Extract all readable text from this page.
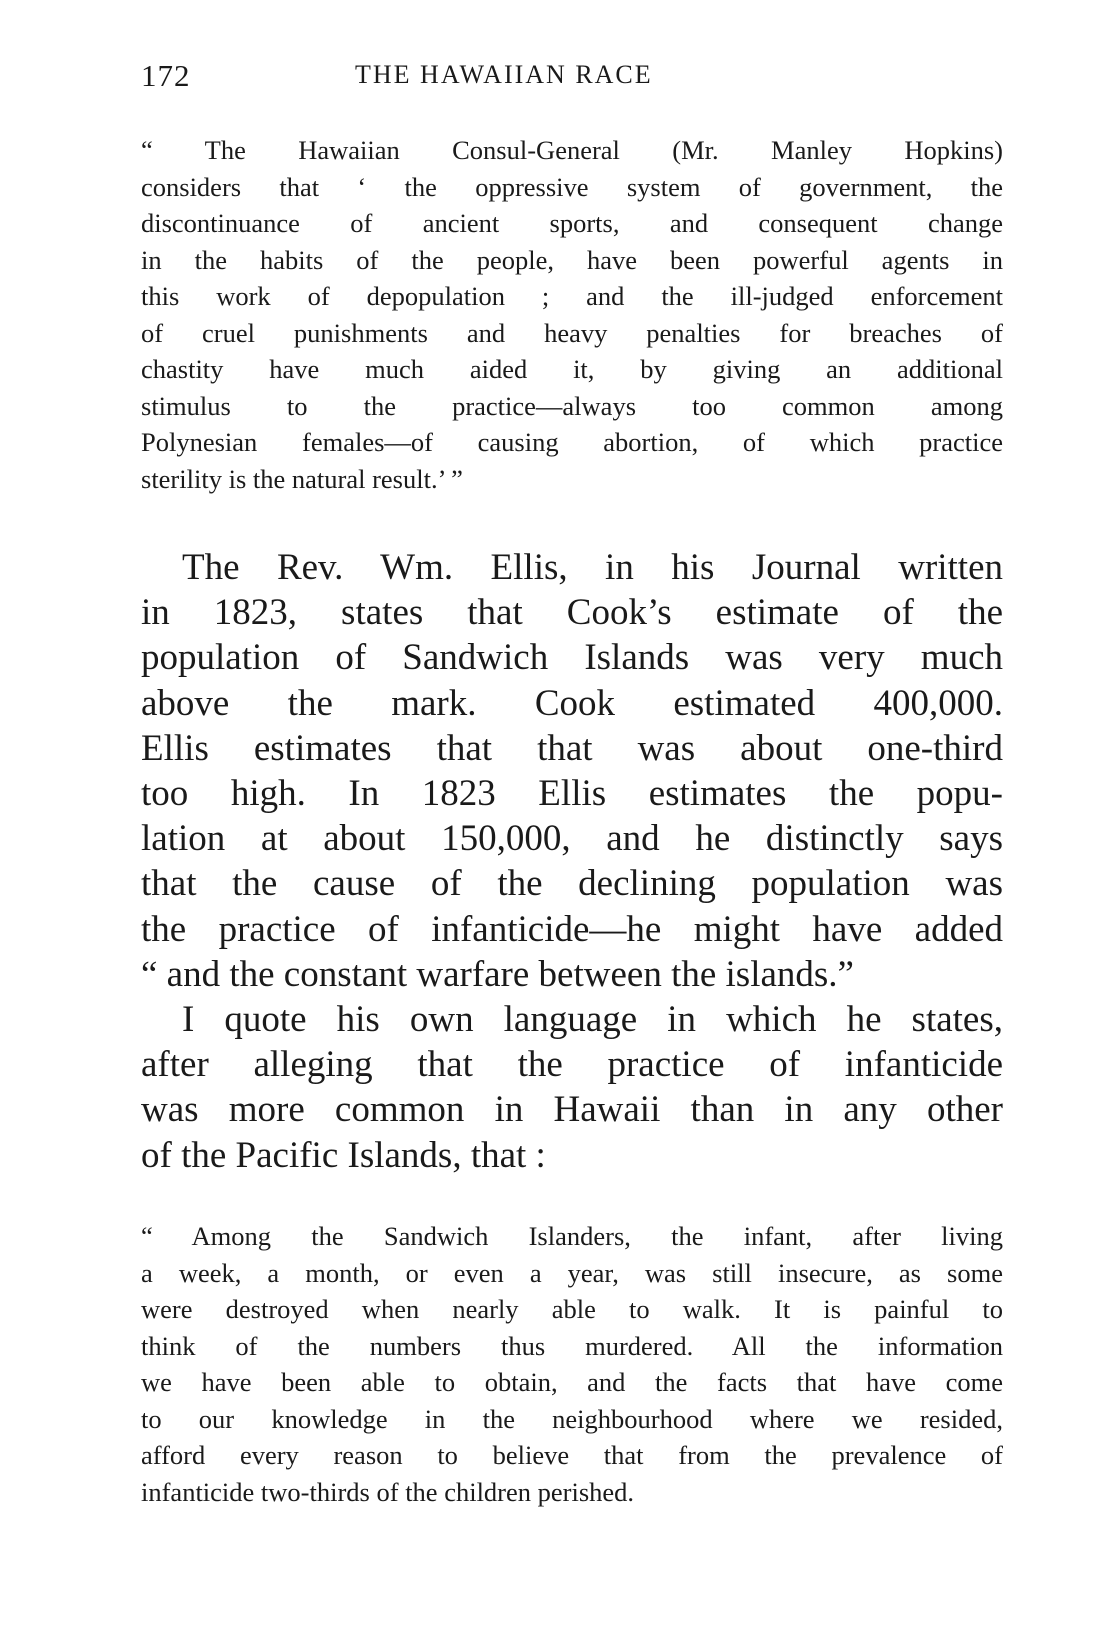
172	THE HAWAIIAN RACE
“ The Hawaiian Consul-General (Mr. Manley Hopkins)
considers that ‘ the oppressive system of government, the
discontinuance of ancient sports, and consequent change
in the habits of the people, have been powerful agents in
this work of depopulation ; and the ill-judged enforcement
of cruel punishments and heavy penalties for breaches of
chastity have much aided it, by giving an additional
stimulus to the practice—always too common among
Polynesian females—of causing abortion, of which practice
sterility is the natural result.’ ”
The Rev. Wm. Ellis, in his Journal written
in 1823, states that Cook’s estimate of the
population of Sandwich Islands was very much
above the mark. Cook estimated 400,000.
Ellis estimates that that was about one-third
too high. In 1823 Ellis estimates the popu-
lation at about 150,000, and he distinctly says
that the cause of the declining population was
the practice of infanticide—he might have added
“ and the constant warfare between the islands.”
I quote his own language in which he states,
after alleging that the practice of infanticide
was more common in Hawaii than in any other
of the Pacific Islands, that :
“ Among the Sandwich Islanders, the infant, after living
a week, a month, or even a year, was still insecure, as some
were destroyed when nearly able to walk. It is painful to
think of the numbers thus murdered. All the information
we have been able to obtain, and the facts that have come
to our knowledge in the neighbourhood where we resided,
afford every reason to believe that from the prevalence of
infanticide two-thirds of the children perished.
